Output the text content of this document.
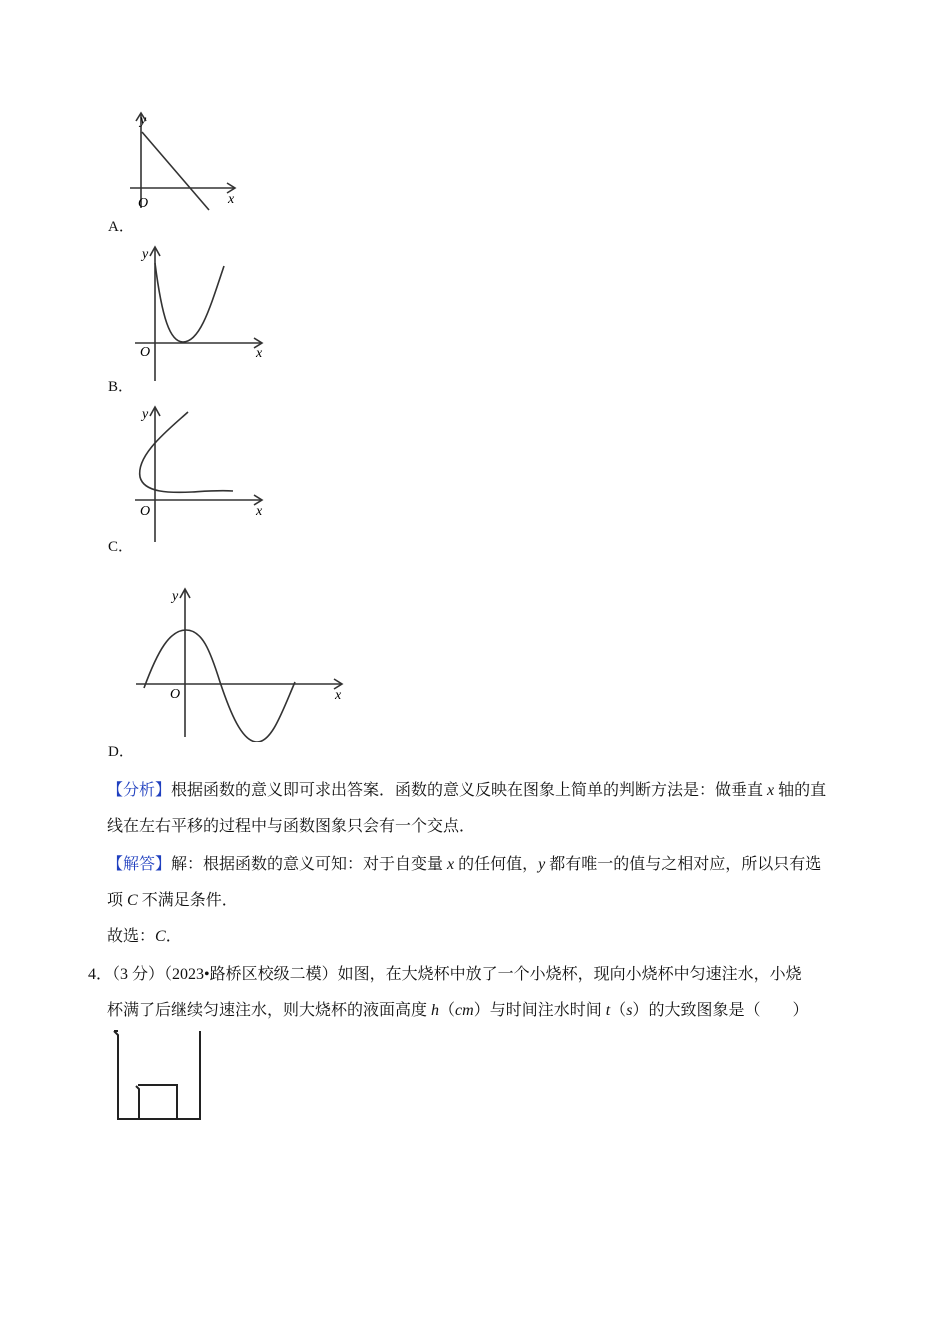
y
x
O
A．
y
x
O
B．
y
x
O
C．
y
x
O
D．
【分析】根据函数的意义即可求出答案．函数的意义反映在图象上简单的判断方法是：做垂直 x 轴的直
线在左右平移的过程中与函数图象只会有一个交点．
【解答】解：根据函数的意义可知：对于自变量 x 的任何值，y 都有唯一的值与之相对应，所以只有选
项 C 不满足条件．
故选：C．
4．（3 分）（2023•路桥区校级二模）如图，在大烧杯中放了一个小烧杯，现向小烧杯中匀速注水，小烧
杯满了后继续匀速注水，则大烧杯的液面高度 h（cm）与时间注水时间 t（s）的大致图象是（　　）
